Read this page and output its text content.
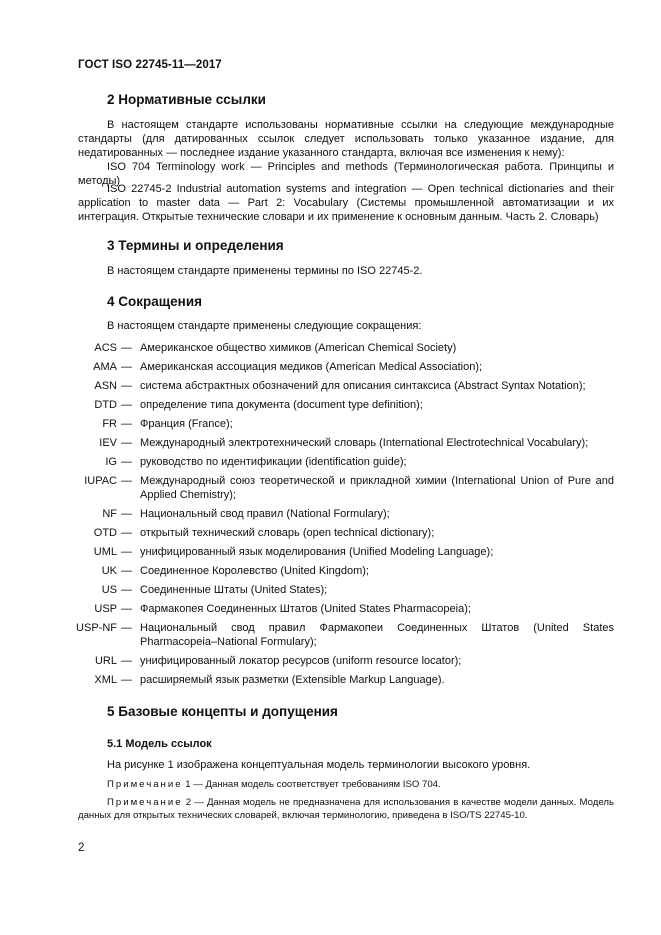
ГОСТ ISO 22745-11—2017
2 Нормативные ссылки
В настоящем стандарте использованы нормативные ссылки на следующие международные стандарты (для датированных ссылок следует использовать только указанное издание, для недатированных — последнее издание указанного стандарта, включая все изменения к нему):
ISO 704 Terminology work — Principles and methods (Терминологическая работа. Принципы и методы)
ISO 22745-2 Industrial automation systems and integration — Open technical dictionaries and their application to master data — Part 2: Vocabulary (Системы промышленной автоматизации и их интеграция. Открытые технические словари и их применение к основным данным. Часть 2. Словарь)
3 Термины и определения
В настоящем стандарте применены термины по ISO 22745-2.
4 Сокращения
В настоящем стандарте применены следующие сокращения:
ACS — Американское общество химиков (American Chemical Society)
AMA — Американская ассоциация медиков (American Medical Association);
ASN — система абстрактных обозначений для описания синтаксиса (Abstract Syntax Notation);
DTD — определение типа документа (document type definition);
FR — Франция (France);
IEV — Международный электротехнический словарь (International Electrotechnical Vocabulary);
IG — руководство по идентификации (identification guide);
IUPAC — Международный союз теоретической и прикладной химии (International Union of Pure and Applied Chemistry);
NF — Национальный свод правил (National Formulary);
OTD — открытый технический словарь (open technical dictionary);
UML — унифицированный язык моделирования (Unified Modeling Language);
UK — Соединенное Королевство (United Kingdom);
US — Соединенные Штаты (United States);
USP — Фармакопея Соединенных Штатов (United States Pharmacopeia);
USP-NF — Национальный свод правил Фармакопеи Соединенных Штатов (United States Pharmacopeia–National Formulary);
URL — унифицированный локатор ресурсов (uniform resource locator);
XML — расширяемый язык разметки (Extensible Markup Language).
5 Базовые концепты и допущения
5.1 Модель ссылок
На рисунке 1 изображена концептуальная модель терминологии высокого уровня.
Примечание 1 — Данная модель соответствует требованиям ISO 704.
Примечание 2 — Данная модель не предназначена для использования в качестве модели данных. Модель данных для открытых технических словарей, включая терминологию, приведена в ISO/TS 22745-10.
2
